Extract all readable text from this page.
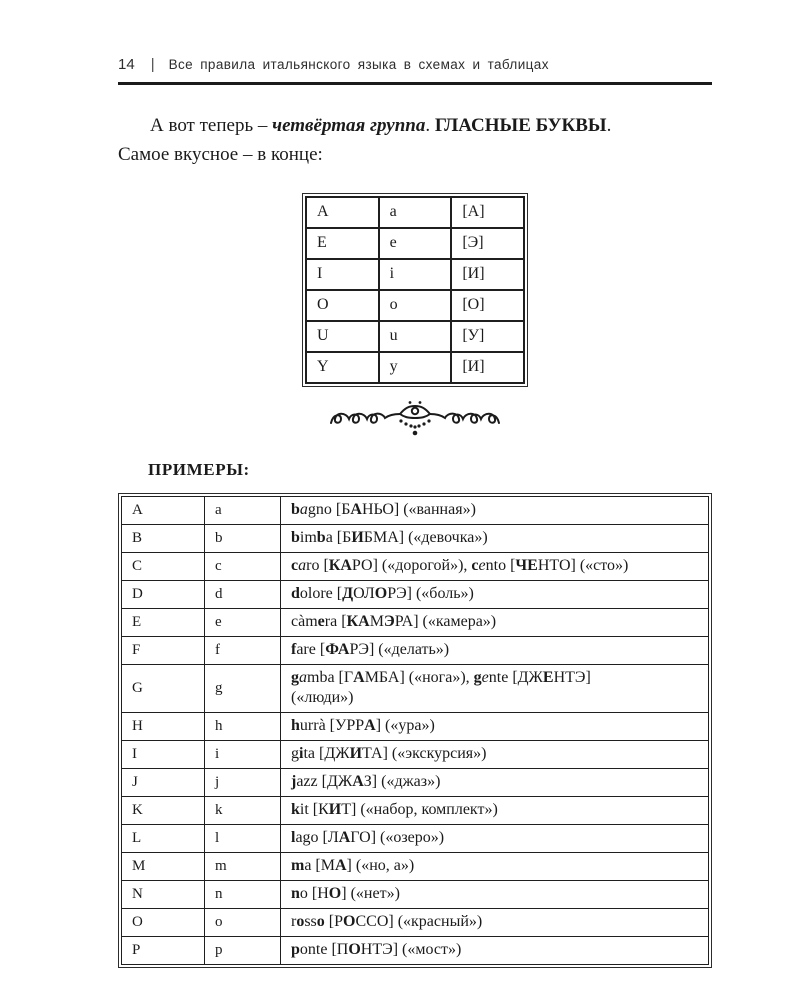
14 | Все правила итальянского языка в схемах и таблицах
А вот теперь – четвёртая группа. ГЛАСНЫЕ БУКВЫ.
Самое вкусное – в конце:
A	a	[А]
E	e	[Э]
I	i	[И]
O	o	[О]
U	u	[У]
Y	y	[И]
ПРИМЕРЫ:
A	a	bagno [БАНЬО] («ванная»)
B	b	bimba [БИБМА] («девочка»)
C	c	caro [КАРО] («дорогой»), cento [ЧЕНТО] («сто»)
D	d	dolore [ДОЛОРЭ] («боль»)
E	e	càmera [КАМЭРА] («камера»)
F	f	fare [ФАРЭ] («делать»)
G	g	gamba [ГАМБА] («нога»), gente [ДЖЕНТЭ]
(«люди»)
H	h	hurrà [УРРА] («ура»)
I	i	gita [ДЖИТА] («экскурсия»)
J	j	jazz [ДЖАЗ] («джаз»)
K	k	kit [КИТ] («набор, комплект»)
L	l	lago [ЛАГО] («озеро»)
M	m	ma [МА] («но, а»)
N	n	no [НО] («нет»)
O	o	rosso [РОССО] («красный»)
P	p	ponte [ПОНТЭ] («мост»)
